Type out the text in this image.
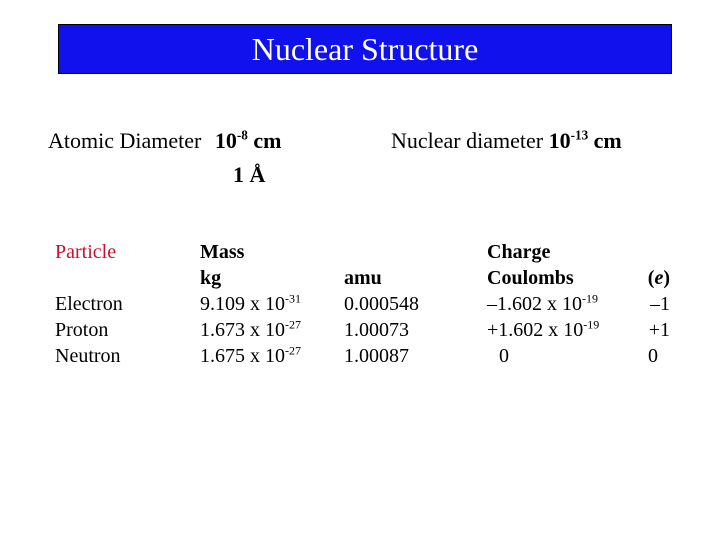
Nuclear Structure
Atomic Diameter $10^{-8}$ cm
1 Å
Nuclear diameter $10^{-13}$ cm
Particle
Electron
Proton
Neutron
Mass
kg
9.109 x $10^{-31}$
1.673 x $10^{-27}$
1.675 x $10^{-27}$
amu
0.000548
1.00073
1.00087
Charge
Coulombs
–1.602 x $10^{-19}$
+1.602 x $10^{-19}$
0
(e)
–1
+1
0
